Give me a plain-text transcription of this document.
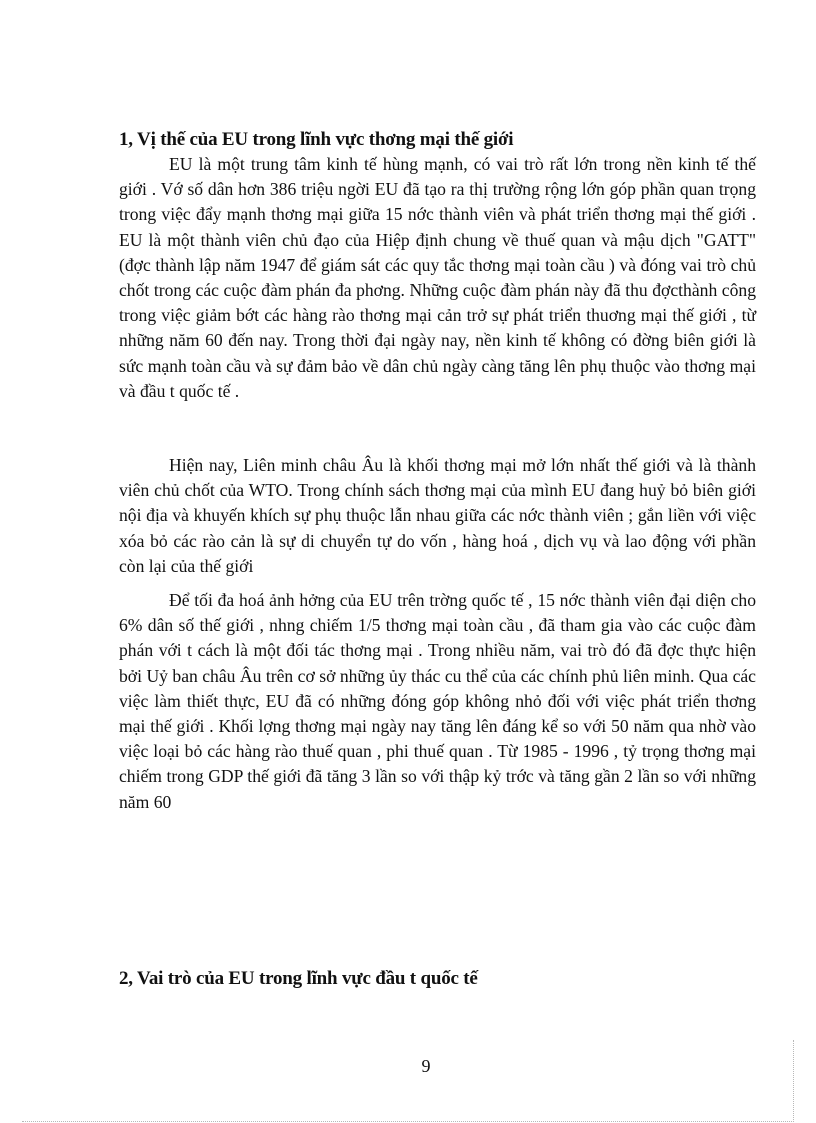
1, Vị thế của EU trong lĩnh vực thơng mại thế giới

EU là một trung tâm kinh tế hùng mạnh, có vai trò rất lớn trong nền kinh tế thế giới . Vớ số dân hơn 386 triệu ngời EU đã tạo ra thị trường rộng lớn góp phần quan trọng trong việc đẩy mạnh thơng mại giữa 15 nớc thành viên và phát triển thơng mại thế giới . EU là một thành viên chủ đạo của Hiệp định chung về thuế quan và mậu dịch "GATT" (đợc thành lập năm 1947 để giám sát các quy tắc thơng mại toàn cầu ) và đóng vai trò chủ chốt trong các cuộc đàm phán đa phơng. Những cuộc đàm phán này đã thu đợcthành công trong việc giảm bớt các hàng rào thơng mại cản trở sự phát triển thuơng mại thế giới , từ những năm 60 đến nay. Trong thời đại ngày nay, nền kinh tế không có đờng biên giới là sức mạnh toàn cầu và sự đảm bảo về dân chủ ngày càng tăng lên phụ thuộc vào thơng mại và đầu t quốc tế .

Hiện nay, Liên minh châu Âu là khối thơng mại mở lớn nhất thế giới và là thành viên chủ chốt của WTO. Trong chính sách thơng mại của mình EU đang huỷ bỏ biên giới nội địa và khuyến khích sự phụ thuộc lẫn nhau giữa các nớc thành viên ; gắn liền với việc xóa bỏ các rào cản là sự di chuyển tự do vốn , hàng hoá , dịch vụ và lao động với phần còn lại của thế giới

Để tối đa hoá ảnh hởng của EU trên trờng quốc tế , 15 nớc thành viên đại diện cho 6% dân số thế giới , nhng chiếm 1/5 thơng mại toàn cầu , đã tham gia vào các cuộc đàm phán với t cách là một đối tác thơng mại . Trong nhiều năm, vai trò đó đã đợc thực hiện bởi Uỷ ban châu Âu trên cơ sở những ủy thác cu thể của các chính phủ liên minh. Qua các việc làm thiết thực, EU đã có những đóng góp không nhỏ đối với việc phát triển thơng mại thế giới . Khối lợng thơng mại ngày nay tăng lên đáng kể so với 50 năm qua nhờ vào việc loại bỏ các hàng rào thuế quan , phi thuế quan . Từ 1985 - 1996 , tỷ trọng thơng mại chiếm trong GDP thế giới đã tăng 3 lần so với thập kỷ trớc và tăng gần 2 lần so với những năm 60

2, Vai trò của EU trong lĩnh vực đầu t quốc tế
9
